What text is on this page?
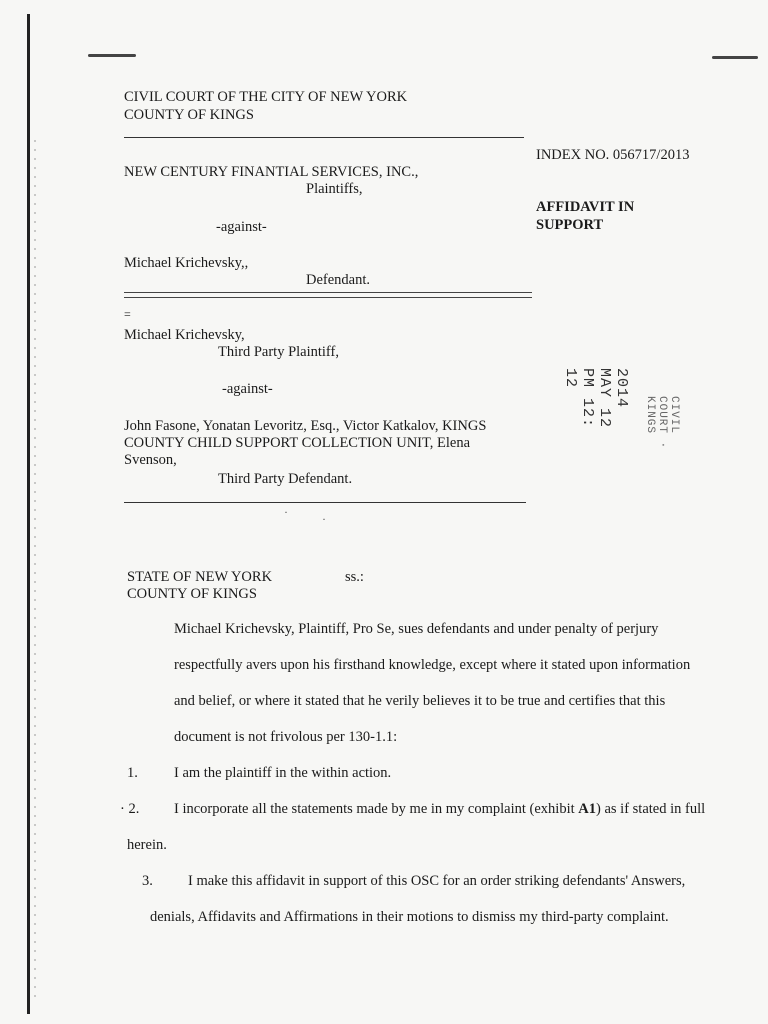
CIVIL COURT OF THE CITY OF NEW YORK
COUNTY OF KINGS
INDEX NO. 056717/2013
NEW CENTURY FINANTIAL SERVICES, INC.,
Plaintiffs,
-against-
Michael Krichevsky,,
Defendant.
AFFIDAVIT IN
SUPPORT
=
Michael Krichevsky,
Third Party Plaintiff,
-against-
John Fasone, Yonatan Levoritz, Esq., Victor Katkalov, KINGS
COUNTY CHILD SUPPORT COLLECTION UNIT, Elena
Svenson,
Third Party Defendant.
·	·
2014 MAY 12 PM 12: 12
CIVIL COURT · KINGS
STATE OF NEW YORK	ss.:
COUNTY OF KINGS
Michael Krichevsky, Plaintiff, Pro Se, sues defendants and under penalty of perjury
respectfully avers upon his firsthand knowledge, except where it stated upon information
and belief, or where it stated that he verily believes it to be true and certifies that this
document is not frivolous per 130-1.1:
1. I am the plaintiff in the within action.
· 2. I incorporate all the statements made by me in my complaint (exhibit A1) as if stated in full
herein.
3. I make this affidavit in support of this OSC for an order striking defendants' Answers,
denials, Affidavits and Affirmations in their motions to dismiss my third-party complaint.
